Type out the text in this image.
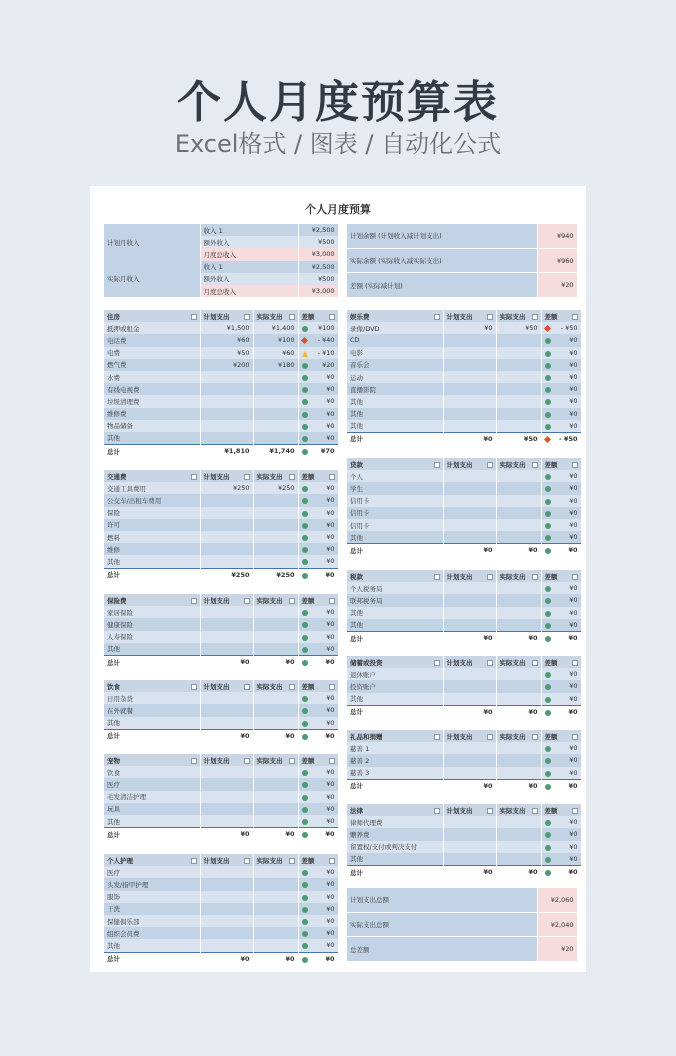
个人月度预算表
Excel格式 / 图表 / 自动化公式
个人月度预算
计划月收入	收入 1	¥2,500
	额外收入	¥500
	月度总收入	¥3,000
实际月收入	收入 1	¥2,500
	额外收入	¥500
	月度总收入	¥3,000
计划余额 (计划收入减计划支出)	¥940
实际余额 (实际收入减实际支出)	¥960
差额 (实际减计划)	¥20
住房	计划支出	实际支出	差额

抵押或租金	¥1,500	¥1,400	¥100
电话费	¥60	¥100	- ¥40
电费	¥50	¥60	- ¥10
燃气费	¥200	¥180	¥20
水费			¥0
有线电视费			¥0
垃圾清理费			¥0
维修费			¥0
物品储备			¥0
其他			¥0
总计	¥1,810	¥1,740	¥70
交通费	计划支出	实际支出	差额

交通工具费用	¥250	¥250	¥0
公交车/出租车费用			¥0
保险			¥0
许可			¥0
燃料			¥0
维修			¥0
其他			¥0
总计	¥250	¥250	¥0
保险费	计划支出	实际支出	差额

家居保险			¥0
健康保险			¥0
人寿保险			¥0
其他			¥0
总计	¥0	¥0	¥0
饮食	计划支出	实际支出	差额

日用杂货			¥0
在外就餐			¥0
其他			¥0
总计	¥0	¥0	¥0
宠物	计划支出	实际支出	差额

饮食			¥0
医疗			¥0
毛发清洁护理			¥0
玩具			¥0
其他			¥0
总计	¥0	¥0	¥0
个人护理	计划支出	实际支出	差额

医疗			¥0
头发/指甲护理			¥0
服饰			¥0
干洗			¥0
保健俱乐部			¥0
组织会员费			¥0
其他			¥0
总计	¥0	¥0	¥0
娱乐费	计划支出	实际支出	差额

录像/DVD	¥0	¥50	- ¥50
CD			¥0
电影			¥0
音乐会			¥0
运动			¥0
直播影院			¥0
其他			¥0
其他			¥0
其他			¥0
总计	¥0	¥50	- ¥50
贷款	计划支出	实际支出	差额

个人			¥0
学生			¥0
信用卡			¥0
信用卡			¥0
信用卡			¥0
其他			¥0
总计	¥0	¥0	¥0
税款	计划支出	实际支出	差额

个人税务局			¥0
联邦税务局			¥0
其他			¥0
其他			¥0
总计	¥0	¥0	¥0
储蓄或投资	计划支出	实际支出	差额

退休账户			¥0
投资账户			¥0
其他			¥0
总计	¥0	¥0	¥0
礼品和捐赠	计划支出	实际支出	差额

慈善 1			¥0
慈善 2			¥0
慈善 3			¥0
总计	¥0	¥0	¥0
法律	计划支出	实际支出	差额

律师代理费			¥0
赡养费			¥0
留置权/支付或判决支付			¥0
其他			¥0
总计	¥0	¥0	¥0
计划支出总额	¥2,060
实际支出总额	¥2,040
总差额	¥20
